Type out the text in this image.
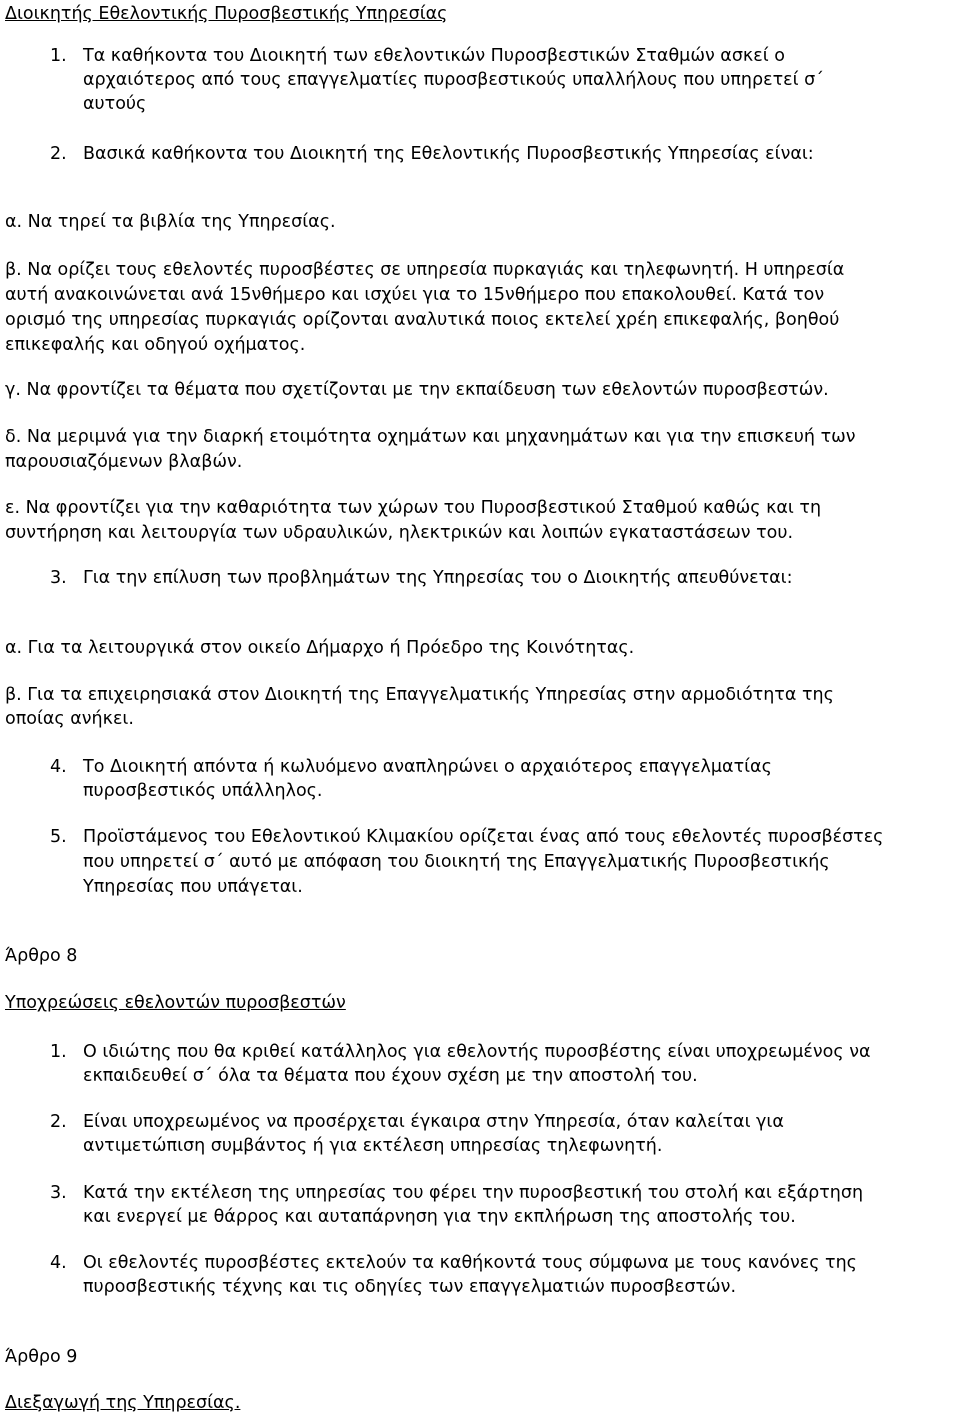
Διοικητής Εθελοντικής Πυροσβεστικής Υπηρεσίας
1. Τα καθήκοντα του Διοικητή των εθελοντικών Πυροσβεστικών Σταθμών ασκεί ο
αρχαιότερος από τους επαγγελματίες πυροσβεστικούς υπαλλήλους που υπηρετεί σ΄
αυτούς
2. Βασικά καθήκοντα του Διοικητή της Εθελοντικής Πυροσβεστικής Υπηρεσίας είναι:
α. Να τηρεί τα βιβλία της Υπηρεσίας.
β. Να ορίζει τους εθελοντές πυροσβέστες σε υπηρεσία πυρκαγιάς και τηλεφωνητή. Η υπηρεσία
αυτή ανακοινώνεται ανά 15νθήμερο και ισχύει για το 15νθήμερο που επακολουθεί. Κατά τον
ορισμό της υπηρεσίας πυρκαγιάς ορίζονται αναλυτικά ποιος εκτελεί χρέη επικεφαλής, βοηθού
επικεφαλής και οδηγού οχήματος.
γ. Να φροντίζει τα θέματα που σχετίζονται με την εκπαίδευση των εθελοντών πυροσβεστών.
δ. Να μεριμνά για την διαρκή ετοιμότητα οχημάτων και μηχανημάτων και για την επισκευή των
παρουσιαζόμενων βλαβών.
ε. Να φροντίζει για την καθαριότητα των χώρων του Πυροσβεστικού Σταθμού καθώς και τη
συντήρηση και λειτουργία των υδραυλικών, ηλεκτρικών και λοιπών εγκαταστάσεων του.
3. Για την επίλυση των προβλημάτων της Υπηρεσίας του ο Διοικητής απευθύνεται:
α. Για τα λειτουργικά στον οικείο Δήμαρχο ή Πρόεδρο της Κοινότητας.
β. Για τα επιχειρησιακά στον Διοικητή της Επαγγελματικής Υπηρεσίας στην αρμοδιότητα της
οποίας ανήκει.
4. Το Διοικητή απόντα ή κωλυόμενο αναπληρώνει ο αρχαιότερος επαγγελματίας
πυροσβεστικός υπάλληλος.
5. Προϊστάμενος του Εθελοντικού Κλιμακίου ορίζεται ένας από τους εθελοντές πυροσβέστες
που υπηρετεί σ΄ αυτό με απόφαση του διοικητή της Επαγγελματικής Πυροσβεστικής
Υπηρεσίας που υπάγεται.
Άρθρο 8
Υποχρεώσεις εθελοντών πυροσβεστών
1. Ο ιδιώτης που θα κριθεί κατάλληλος για εθελοντής πυροσβέστης είναι υποχρεωμένος να
εκπαιδευθεί σ΄ όλα τα θέματα που έχουν σχέση με την αποστολή του.
2. Είναι υποχρεωμένος να προσέρχεται έγκαιρα στην Υπηρεσία, όταν καλείται για
αντιμετώπιση συμβάντος ή για εκτέλεση υπηρεσίας τηλεφωνητή.
3. Κατά την εκτέλεση της υπηρεσίας του φέρει την πυροσβεστική του στολή και εξάρτηση
και ενεργεί με θάρρος και αυταπάρνηση για την εκπλήρωση της αποστολής του.
4. Οι εθελοντές πυροσβέστες εκτελούν τα καθήκοντά τους σύμφωνα με τους κανόνες της
πυροσβεστικής τέχνης και τις οδηγίες των επαγγελματιών πυροσβεστών.
Άρθρο 9
Διεξαγωγή της Υπηρεσίας.
